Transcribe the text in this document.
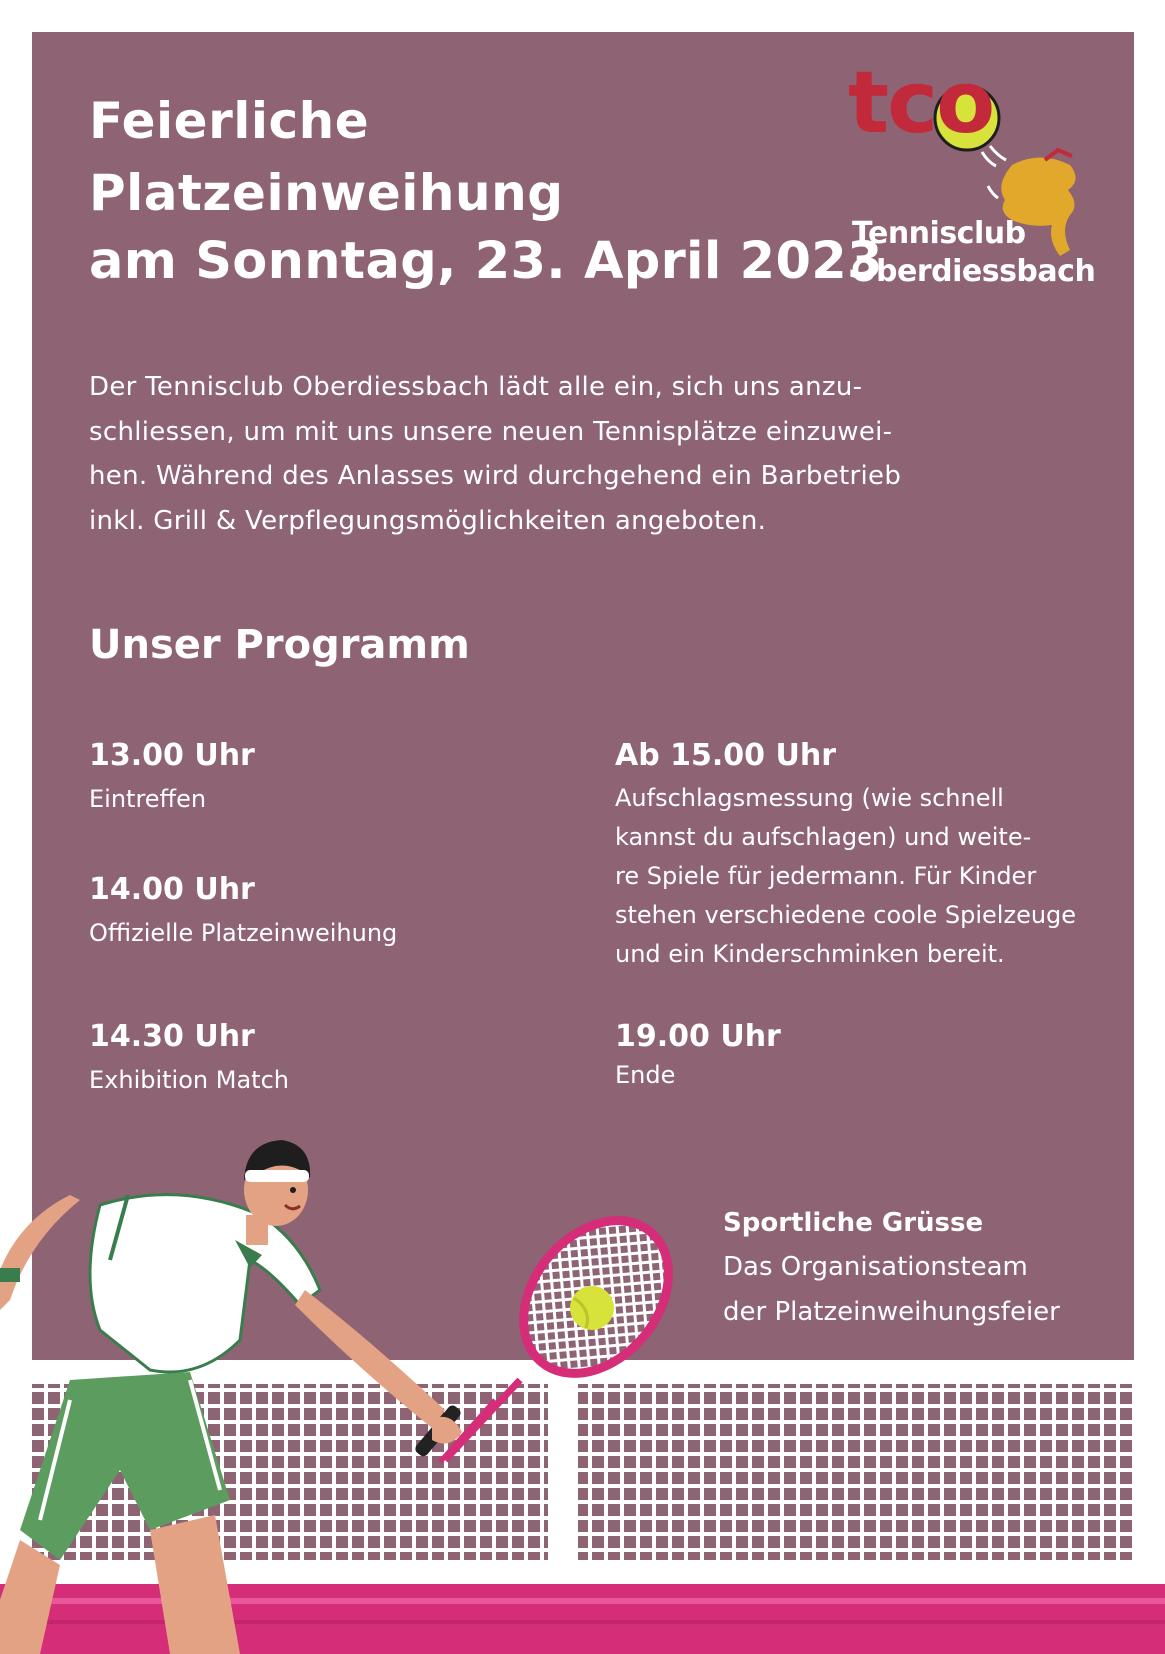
tco
Tennisclub
Oberdiessbach
Feierliche
Platzeinweihung
am Sonntag, 23. April 2023

Der Tennisclub Oberdiessbach lädt alle ein, sich uns anzu-
schliessen, um mit uns unsere neuen Tennisplätze einzuwei-
hen. Während des Anlasses wird durchgehend ein Barbetrieb
inkl. Grill & Verpflegungsmöglichkeiten angeboten.

Unser Programm
13.00 Uhr
Eintreffen
14.00 Uhr
Offizielle Platzeinweihung
14.30 Uhr
Exhibition Match
Ab 15.00 Uhr
Aufschlagsmessung (wie schnell
kannst du aufschlagen) und weite-
re Spiele für jedermann. Für Kinder
stehen verschiedene coole Spielzeuge
und ein Kinderschminken bereit.
19.00 Uhr
Ende
Sportliche Grüsse
Das Organisationsteam
der Platzeinweihungsfeier
